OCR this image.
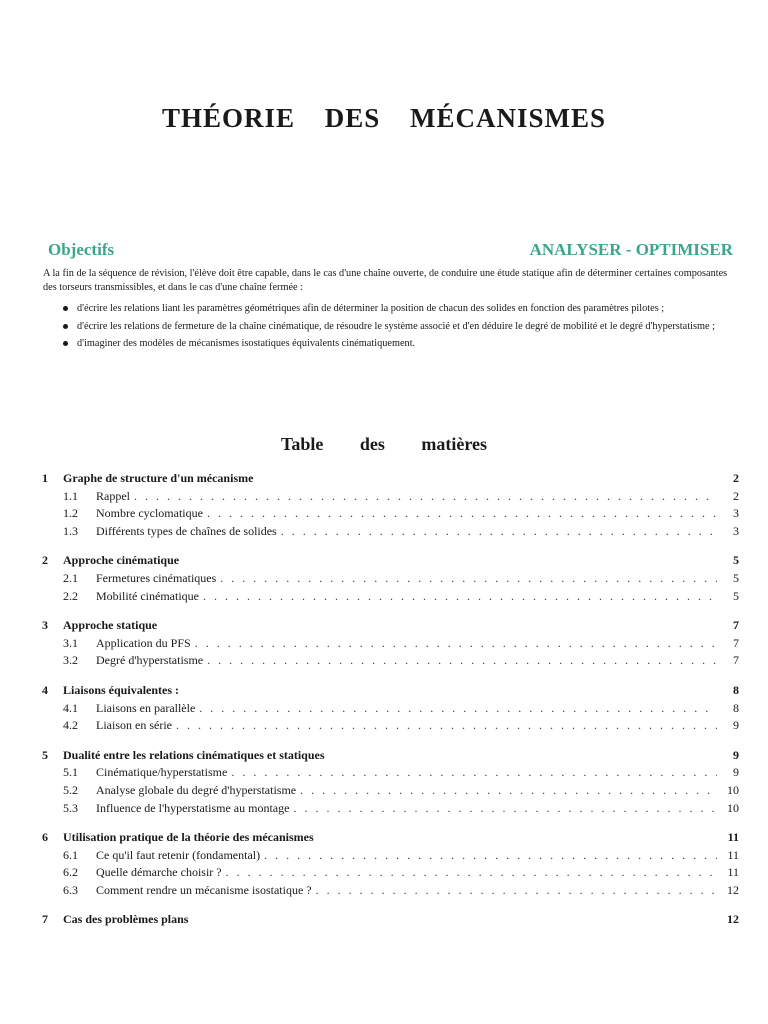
THÉORIE DES MÉCANISMES
Objectifs	ANALYSER - OPTIMISER

A la fin de la séquence de révision, l'élève doit être capable, dans le cas d'une chaîne ouverte, de conduire une étude statique afin de déterminer certaines composantes des torseurs transmissibles, et dans le cas d'une chaîne fermée :

d'écrire les relations liant les paramètres géométriques afin de déterminer la position de chacun des solides en fonction des paramètres pilotes ;
d'écrire les relations de fermeture de la chaîne cinématique, de résoudre le système associé et d'en déduire le degré de mobilité et le degré d'hyperstatisme ;
d'imaginer des modèles de mécanismes isostatiques équivalents cinématiquement.
Table des matières
1	Graphe de structure d'un mécanisme	2
1.1	Rappel . . .	2
1.2	Nombre cyclomatique . . .	3
1.3	Différents types de chaînes de solides . . .	3
2	Approche cinématique	5
2.1	Fermetures cinématiques . . .	5
2.2	Mobilité cinématique . . .	5
3	Approche statique	7
3.1	Application du PFS . . .	7
3.2	Degré d'hyperstatisme . . .	7
4	Liaisons équivalentes :	8
4.1	Liaisons en parallèle . . .	8
4.2	Liaison en série . . .	9
5	Dualité entre les relations cinématiques et statiques	9
5.1	Cinématique/hyperstatisme . . .	9
5.2	Analyse globale du degré d'hyperstatisme . . .	10
5.3	Influence de l'hyperstatisme au montage . . .	10
6	Utilisation pratique de la théorie des mécanismes	11
6.1	Ce qu'il faut retenir (fondamental) . . .	11
6.2	Quelle démarche choisir ? . . .	11
6.3	Comment rendre un mécanisme isostatique ? . . .	12
7	Cas des problèmes plans	12
